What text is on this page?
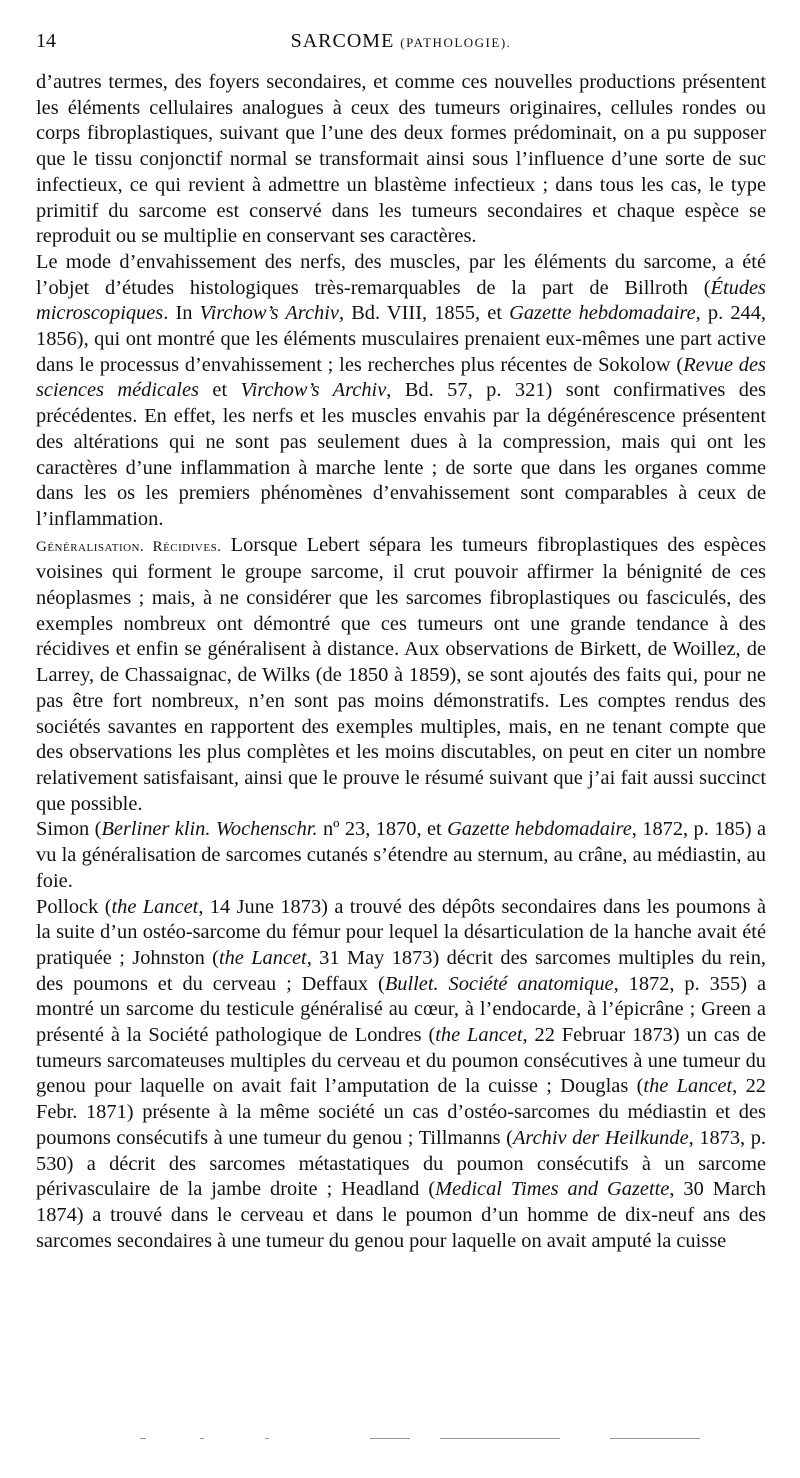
14	SARCOME (PATHOLOGIE).

d’autres termes, des foyers secondaires, et comme ces nouvelles productions présentent les éléments cellulaires analogues à ceux des tumeurs originaires, cellules rondes ou corps fibroplastiques, suivant que l’une des deux formes prédominait, on a pu supposer que le tissu conjonctif normal se transformait ainsi sous l’influence d’une sorte de suc infectieux, ce qui revient à admettre un blastème infectieux ; dans tous les cas, le type primitif du sarcome est conservé dans les tumeurs secondaires et chaque espèce se reproduit ou se multiplie en conservant ses caractères.

Le mode d’envahissement des nerfs, des muscles, par les éléments du sarcome, a été l’objet d’études histologiques très-remarquables de la part de Billroth (Études microscopiques. In Virchow’s Archiv, Bd. VIII, 1855, et Gazette hebdomadaire, p. 244, 1856), qui ont montré que les éléments musculaires prenaient eux-mêmes une part active dans le processus d’envahissement ; les recherches plus récentes de Sokolow (Revue des sciences médicales et Virchow’s Archiv, Bd. 57, p. 321) sont confirmatives des précédentes. En effet, les nerfs et les muscles envahis par la dégénérescence présentent des altérations qui ne sont pas seulement dues à la compression, mais qui ont les caractères d’une inflammation à marche lente ; de sorte que dans les organes comme dans les os les premiers phénomènes d’envahissement sont comparables à ceux de l’inflammation.

Généralisation. Récidives. Lorsque Lebert sépara les tumeurs fibroplastiques des espèces voisines qui forment le groupe sarcome, il crut pouvoir affirmer la bénignité de ces néoplasmes ; mais, à ne considérer que les sarcomes fibroplastiques ou fasciculés, des exemples nombreux ont démontré que ces tumeurs ont une grande tendance à des récidives et enfin se généralisent à distance. Aux observations de Birkett, de Woillez, de Larrey, de Chassaignac, de Wilks (de 1850 à 1859), se sont ajoutés des faits qui, pour ne pas être fort nombreux, n’en sont pas moins démonstratifs. Les comptes rendus des sociétés savantes en rapportent des exemples multiples, mais, en ne tenant compte que des observations les plus complètes et les moins discutables, on peut en citer un nombre relativement satisfaisant, ainsi que le prouve le résumé suivant que j’ai fait aussi succinct que possible.

Simon (Berliner klin. Wochenschr. nº 23, 1870, et Gazette hebdomadaire, 1872, p. 185) a vu la généralisation de sarcomes cutanés s’étendre au sternum, au crâne, au médiastin, au foie.

Pollock (the Lancet, 14 June 1873) a trouvé des dépôts secondaires dans les poumons à la suite d’un ostéo-sarcome du fémur pour lequel la désarticulation de la hanche avait été pratiquée ; Johnston (the Lancet, 31 May 1873) décrit des sarcomes multiples du rein, des poumons et du cerveau ; Deffaux (Bullet. Société anatomique, 1872, p. 355) a montré un sarcome du testicule généralisé au cœur, à l’endocarde, à l’épicrâne ; Green a présenté à la Société pathologique de Londres (the Lancet, 22 Februar 1873) un cas de tumeurs sarcomateuses multiples du cerveau et du poumon consécutives à une tumeur du genou pour laquelle on avait fait l’amputation de la cuisse ; Douglas (the Lancet, 22 Febr. 1871) présente à la même société un cas d’ostéo-sarcomes du médiastin et des poumons consécutifs à une tumeur du genou ; Tillmanns (Archiv der Heilkunde, 1873, p. 530) a décrit des sarcomes métastatiques du poumon consécutifs à un sarcome périvasculaire de la jambe droite ; Headland (Medical Times and Gazette, 30 March 1874) a trouvé dans le cerveau et dans le poumon d’un homme de dix-neuf ans des sarcomes secondaires à une tumeur du genou pour laquelle on avait amputé la cuisse
